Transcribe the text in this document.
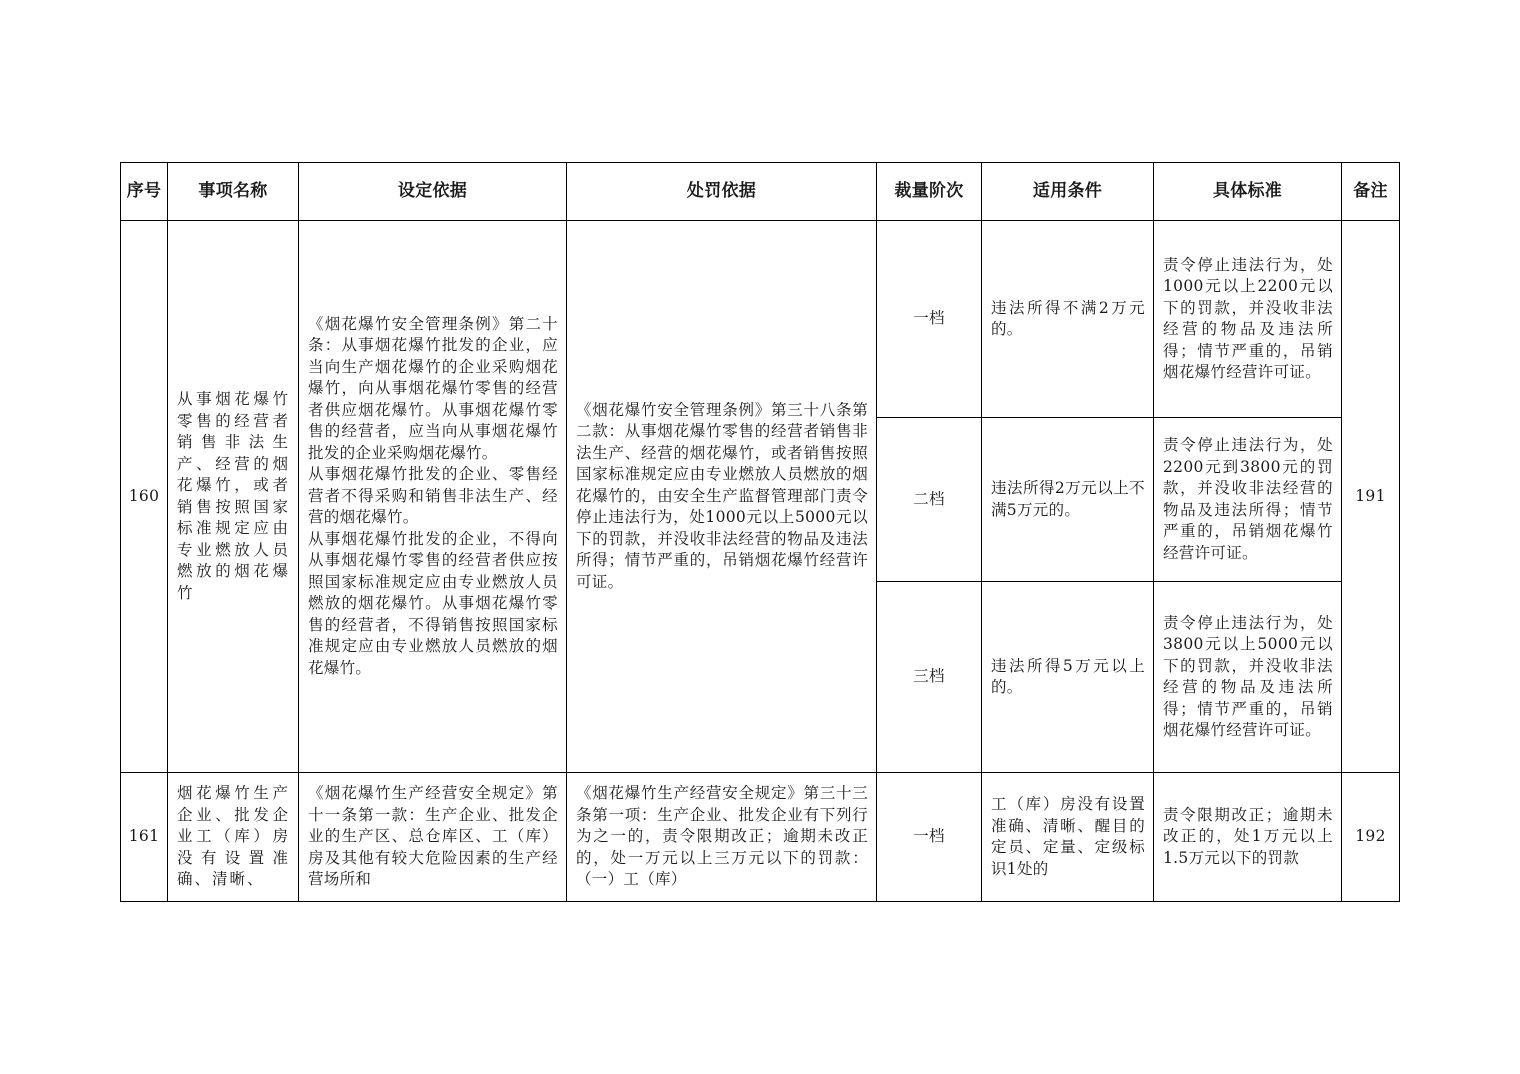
序号	事项名称	设定依据	处罚依据	裁量阶次	适用条件	具体标准	备注
160	从事烟花爆竹零售的经营者销售非法生产、经营的烟花爆竹，或者销售按照国家标准规定应由专业燃放人员燃放的烟花爆竹	《烟花爆竹安全管理条例》第二十条：从事烟花爆竹批发的企业，应当向生产烟花爆竹的企业采购烟花爆竹，向从事烟花爆竹零售的经营者供应烟花爆竹。从事烟花爆竹零售的经营者，应当向从事烟花爆竹批发的企业采购烟花爆竹。
从事烟花爆竹批发的企业、零售经营者不得采购和销售非法生产、经营的烟花爆竹。
从事烟花爆竹批发的企业，不得向从事烟花爆竹零售的经营者供应按照国家标准规定应由专业燃放人员燃放的烟花爆竹。从事烟花爆竹零售的经营者，不得销售按照国家标准规定应由专业燃放人员燃放的烟花爆竹。	《烟花爆竹安全管理条例》第三十八条第二款：从事烟花爆竹零售的经营者销售非法生产、经营的烟花爆竹，或者销售按照国家标准规定应由专业燃放人员燃放的烟花爆竹的，由安全生产监督管理部门责令停止违法行为，处1000元以上5000元以下的罚款，并没收非法经营的物品及违法所得；情节严重的，吊销烟花爆竹经营许可证。	一档	违法所得不满2万元的。	责令停止违法行为，处1000元以上2200元以下的罚款，并没收非法经营的物品及违法所得；情节严重的，吊销烟花爆竹经营许可证。	191
				二档	违法所得2万元以上不满5万元的。	责令停止违法行为，处2200元到3800元的罚款，并没收非法经营的物品及违法所得；情节严重的，吊销烟花爆竹经营许可证。	
				三档	违法所得5万元以上的。	责令停止违法行为，处3800元以上5000元以下的罚款，并没收非法经营的物品及违法所得；情节严重的，吊销烟花爆竹经营许可证。	
161	烟花爆竹生产企业、批发企业工（库）房没有设置准确、清晰、	《烟花爆竹生产经营安全规定》第十一条第一款：生产企业、批发企业的生产区、总仓库区、工（库）房及其他有较大危险因素的生产经营场所和	《烟花爆竹生产经营安全规定》第三十三条第一项：生产企业、批发企业有下列行为之一的，责令限期改正；逾期未改正的，处一万元以上三万元以下的罚款：（一）工（库）	一档	工（库）房没有设置准确、清晰、醒目的定员、定量、定级标识1处的	责令限期改正；逾期未改正的，处1万元以上1.5万元以下的罚款	192
